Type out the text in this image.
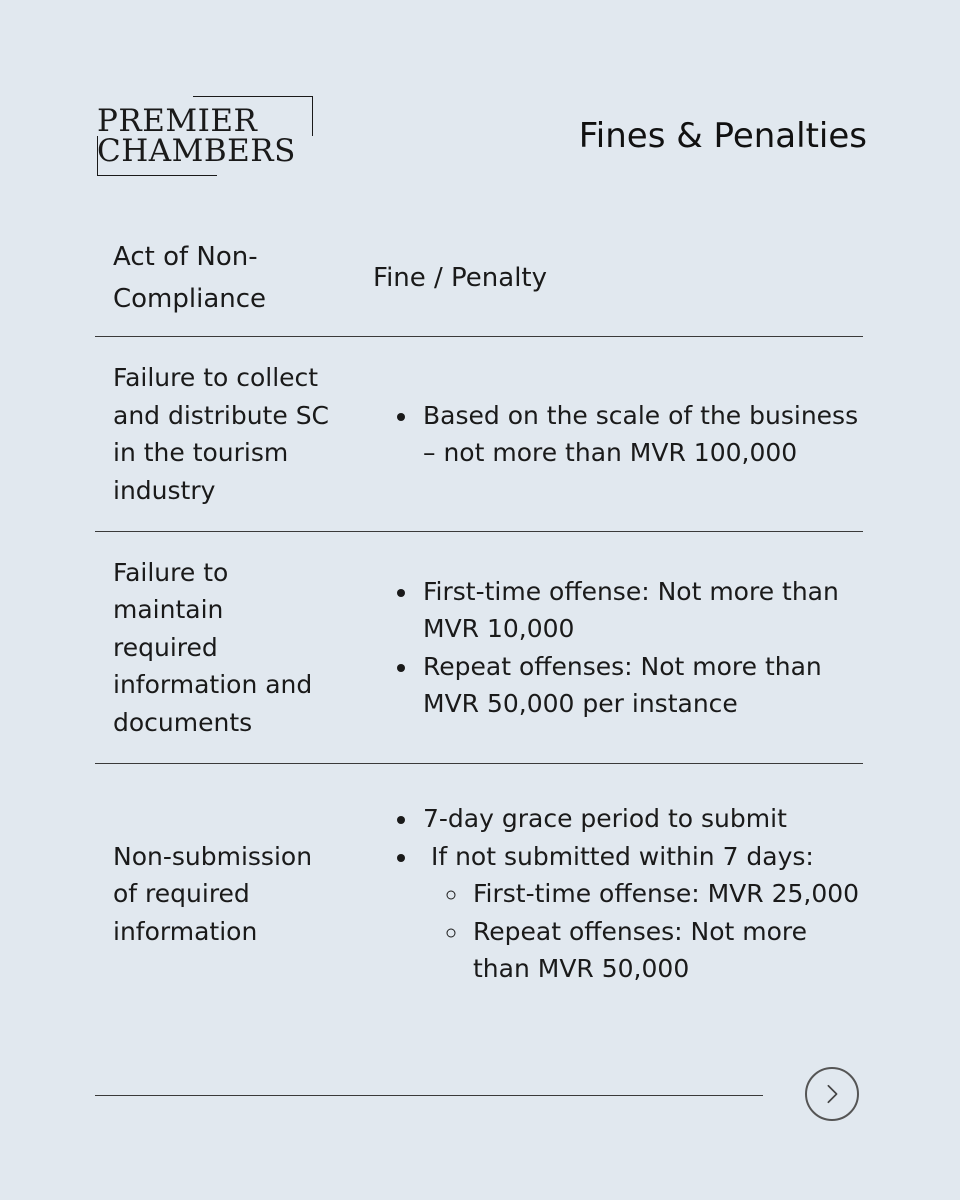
PREMIER
CHAMBERS	Fines & Penalties
Act of Non-Compliance
Fine / Penalty
Failure to collect and distribute SC in the tourism industry
• Based on the scale of the business – not more than MVR 100,000
Failure to maintain required information and documents
• First-time offense: Not more than MVR 10,000
• Repeat offenses: Not more than MVR 50,000 per instance
Non-submission of required information
• 7-day grace period to submit
•  If not submitted within 7 days:
◦ First-time offense: MVR 25,000
◦ Repeat offenses: Not more than MVR 50,000
